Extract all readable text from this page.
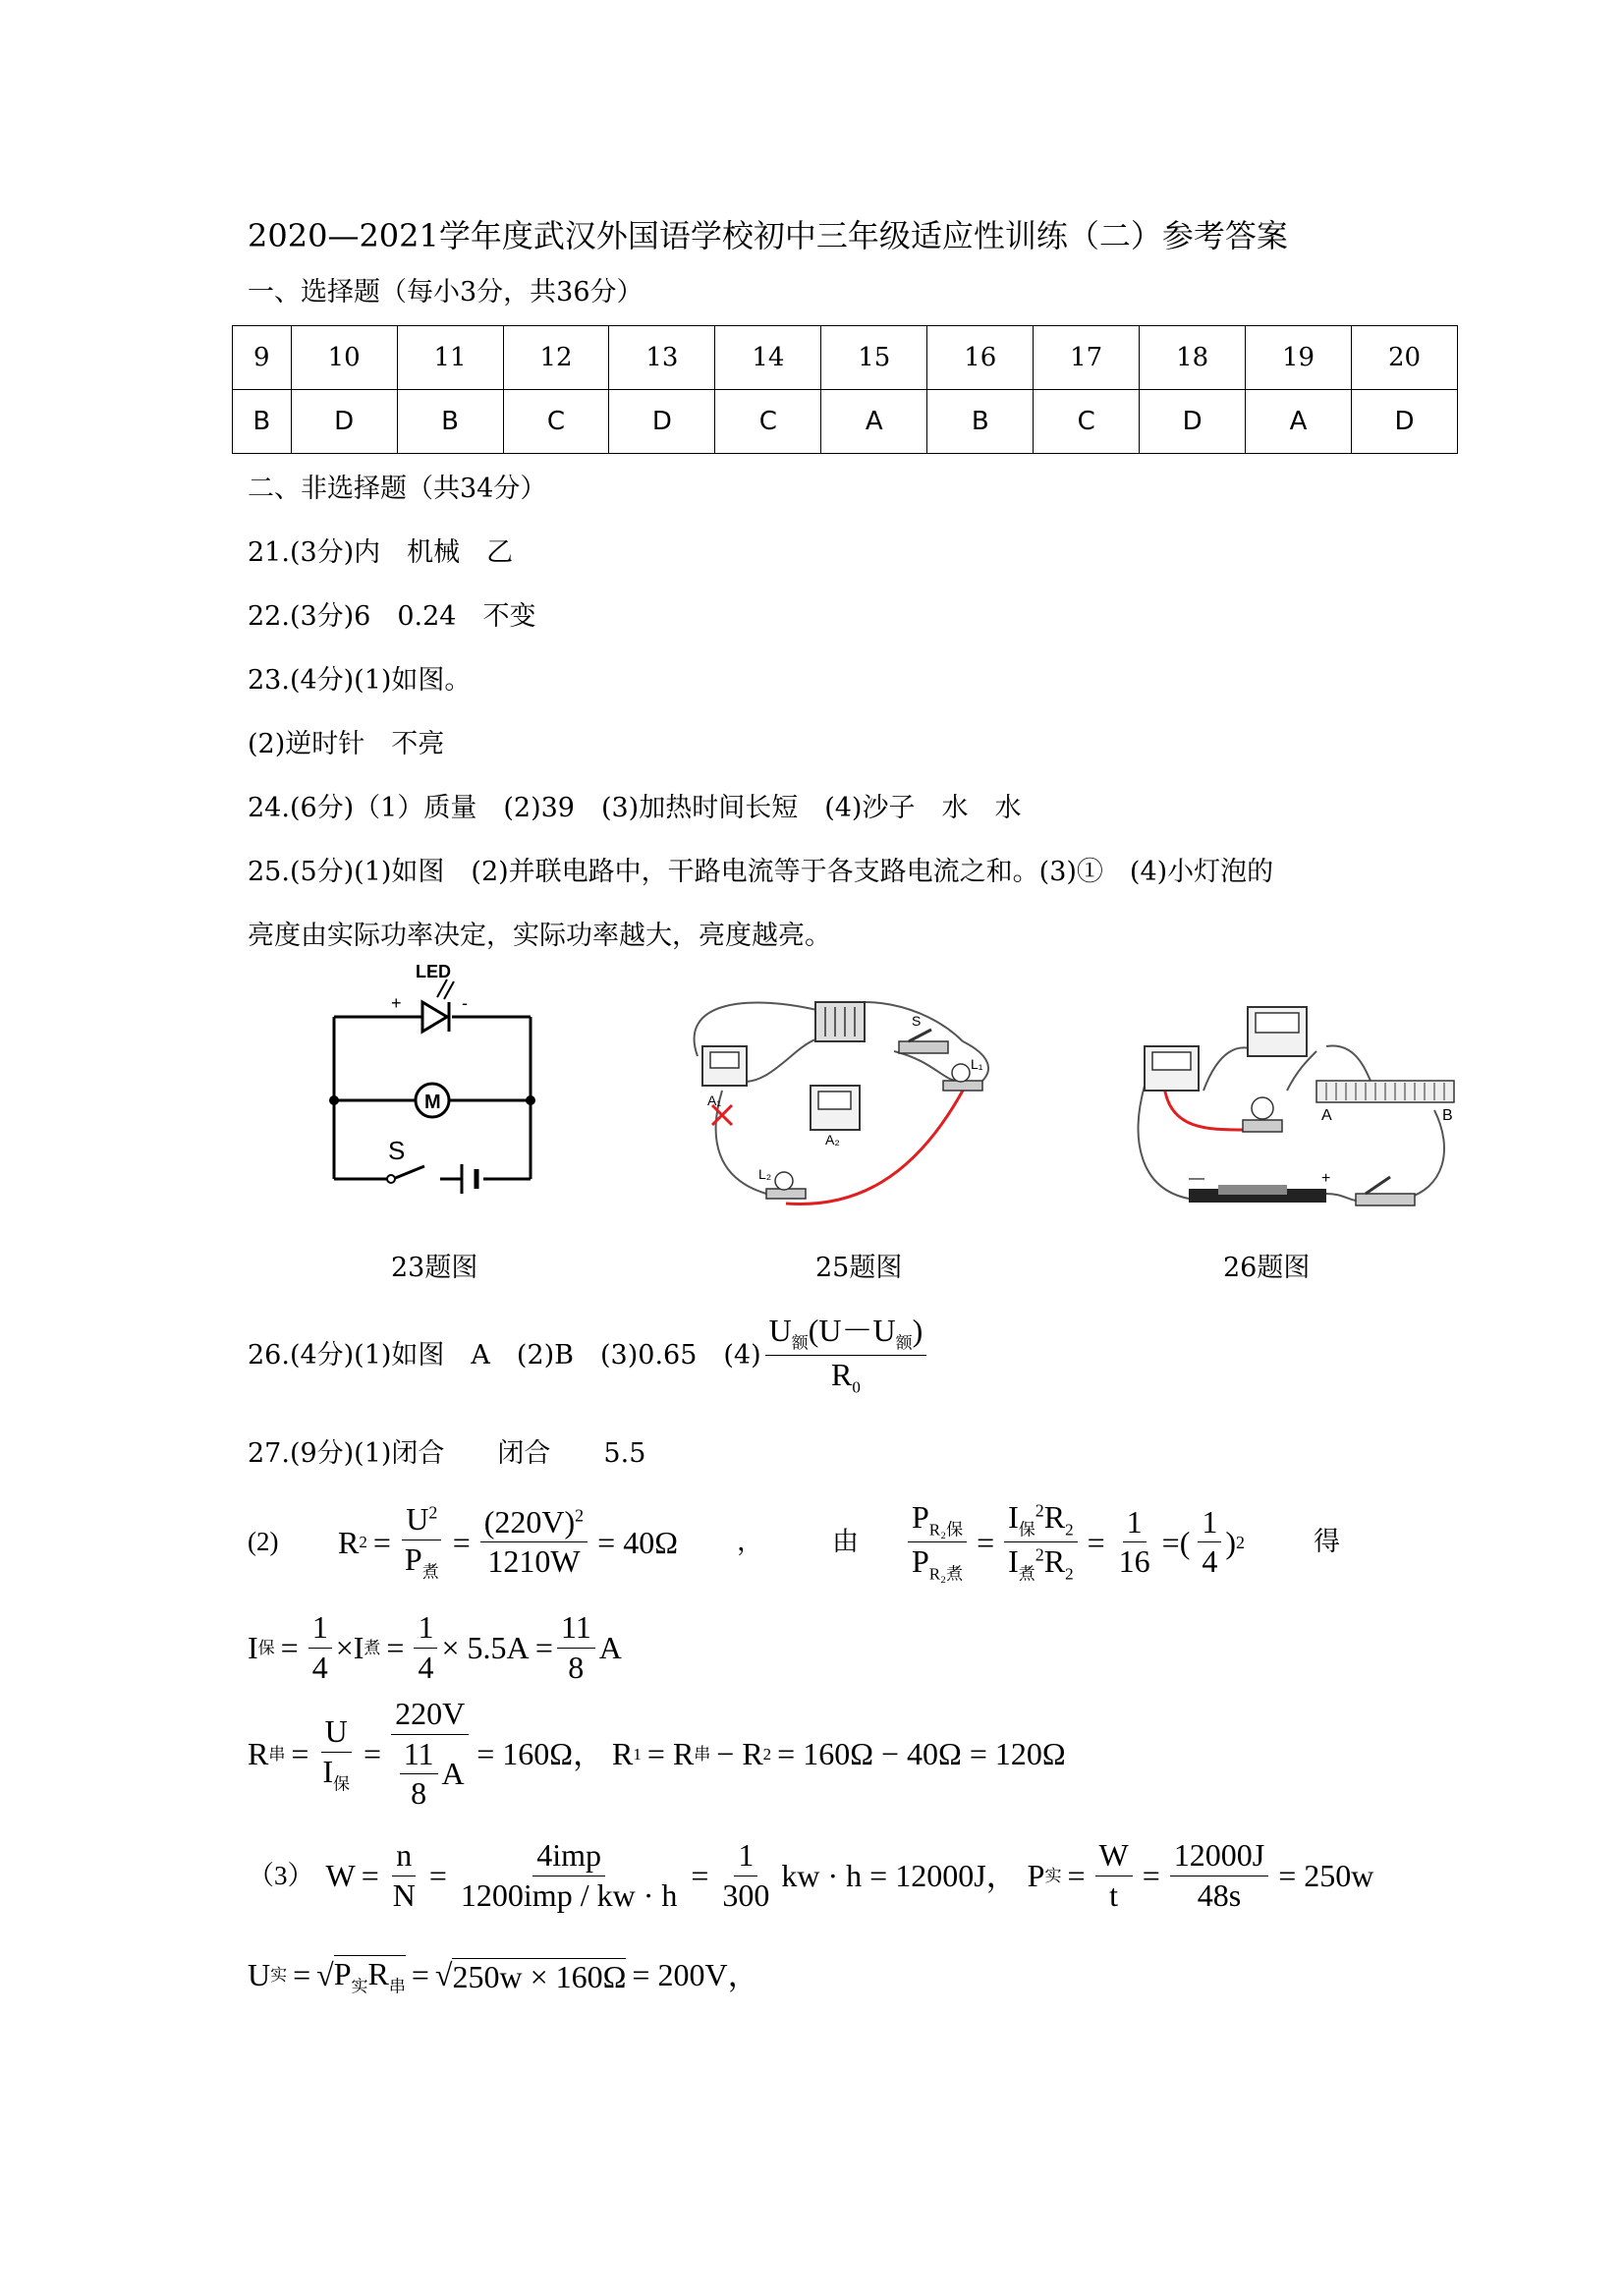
2020—2021学年度武汉外国语学校初中三年级适应性训练（二）参考答案
一、选择题（每小3分，共36分）
9	10	11	12	13	14	15	16	17	18	19	20
B	D	B	C	D	C	A	B	C	D	A	D
二、非选择题（共34分）
21.(3分)内　机械　乙
22.(3分)6　0.24　不变
23.(4分)(1)如图。
(2)逆时针　不亮
24.(6分)（1）质量　(2)39　(3)加热时间长短　(4)沙子　水　水
25.(5分)(1)如图　(2)并联电路中，干路电流等于各支路电流之和。(3)①　(4)小灯泡的
亮度由实际功率决定，实际功率越大，亮度越亮。
LED
+	-
M
S
23题图
A₁
A₂
L₁
L₂
S
25题图
A	B
—	+
26题图
26.(4分)(1)如图　A　(2)B　(3)0.65　$(4) \frac{U_额(U-U_额)}{R_0}$
27.(9分)(1)闭合　　闭合　　5.5
(2)	R $2 = \frac{U^2}{P_煮} = \frac{(220V)^2}{1210W} = 40\Omega$ ，	由 $\frac{P_{R_2保}}{P_{R_2煮}} = \frac{I_保^2R_2}{I_煮^2R_2} = \frac{1}{16}$ =( $\frac{1}{4}$ ) 2	得
I 保 = $\frac{1}{4} \times I$ 煮 = $\frac{1}{4} \times 5.5A = \frac{11}{8}$ A
R 串 = $\frac{U}{I_保} = \frac{220V}{\frac{11}{8} A} = 160\Omega$， R 1 = R 串 − R 2 = 160Ω − 40Ω = 120Ω
（3） $W = \frac{n}{N} = \frac{\text{4imp}}{\text{1200imp / kw · h}} = \frac{1}{300}$ kw · h = 12000J， P 实 = $\frac{W}{t} = \frac{12000J}{48s} = 250w$
U 实 = √ $P_实R_串$ = √ 250w × 160Ω = 200V，
